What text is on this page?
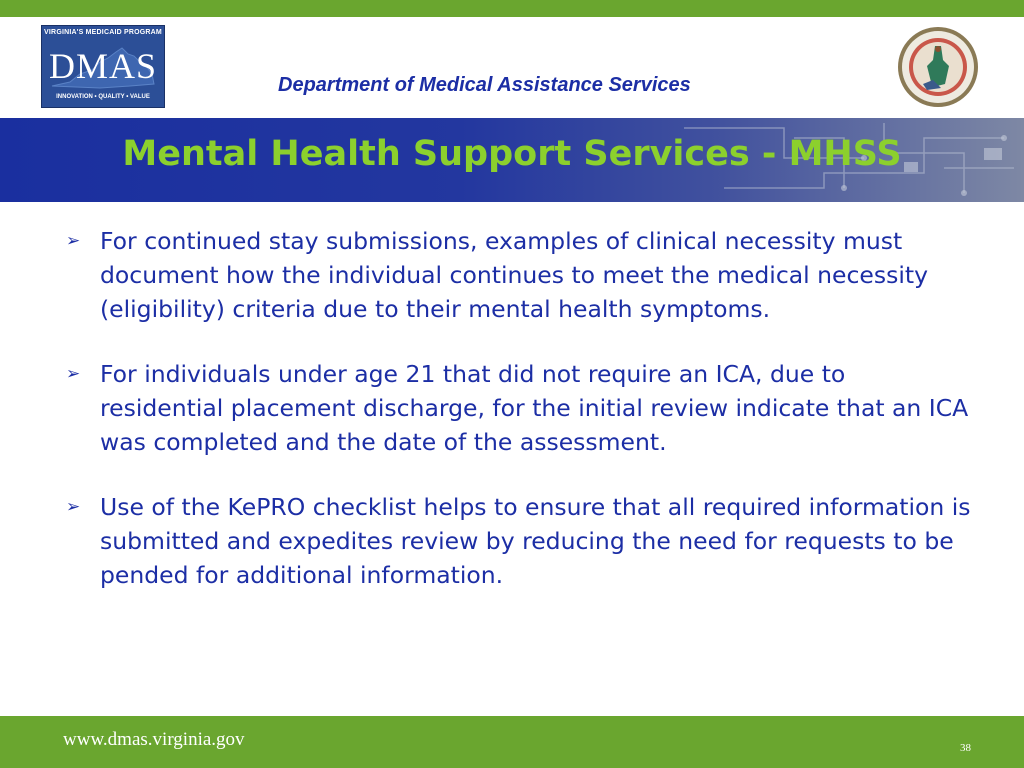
VIRGINIA'S MEDICAID PROGRAM
DMAS
INNOVATION • QUALITY • VALUE
Department of Medical Assistance Services
Mental Health Support Services - MHSS
➢ For continued stay submissions, examples of clinical necessity must document how the individual continues to meet the medical necessity (eligibility) criteria due to their mental health symptoms.
➢ For individuals under age 21 that did not require an ICA, due to residential placement discharge, for the initial review indicate that an ICA was completed and the date of the assessment.
➢ Use of the KePRO checklist helps to ensure that all required information is submitted and expedites review by reducing the need for requests to be pended for additional information.
www.dmas.virginia.gov	38
